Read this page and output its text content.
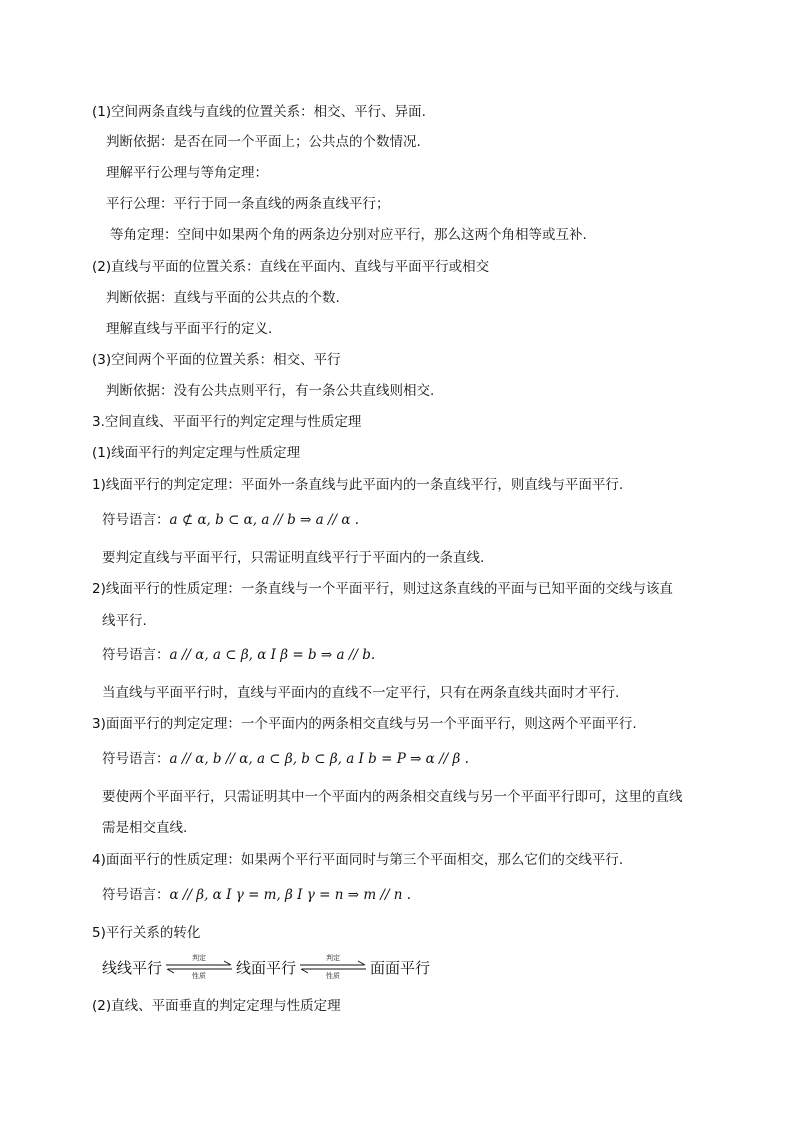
(1)空间两条直线与直线的位置关系：相交、平行、异面.
判断依据：是否在同一个平面上；公共点的个数情况.
理解平行公理与等角定理：
平行公理：平行于同一条直线的两条直线平行；
等角定理：空间中如果两个角的两条边分别对应平行，那么这两个角相等或互补.
(2)直线与平面的位置关系：直线在平面内、直线与平面平行或相交
判断依据：直线与平面的公共点的个数.
理解直线与平面平行的定义.
(3)空间两个平面的位置关系：相交、平行
判断依据：没有公共点则平行，有一条公共直线则相交.
3.空间直线、平面平行的判定定理与性质定理
(1)线面平行的判定定理与性质定理
1)线面平行的判定定理：平面外一条直线与此平面内的一条直线平行，则直线与平面平行.
符号语言：a ⊄ α, b ⊂ α, a // b ⇒ a // α .
要判定直线与平面平行，只需证明直线平行于平面内的一条直线.
2)线面平行的性质定理：一条直线与一个平面平行，则过这条直线的平面与已知平面的交线与该直
线平行.
符号语言：a // α, a ⊂ β, α I β = b ⇒ a // b.
当直线与平面平行时，直线与平面内的直线不一定平行，只有在两条直线共面时才平行.
3)面面平行的判定定理：一个平面内的两条相交直线与另一个平面平行，则这两个平面平行.
符号语言：a // α, b // α, a ⊂ β, b ⊂ β, a I b = P ⇒ α // β .
要使两个平面平行，只需证明其中一个平面内的两条相交直线与另一个平面平行即可，这里的直线
需是相交直线.
4)面面平行的性质定理：如果两个平行平面同时与第三个平面相交，那么它们的交线平行.
符号语言：α // β, α I γ = m, β I γ = n ⇒ m // n .
5)平行关系的转化
线线平行
判定
性质	线面平行
判定
性质	面面平行
(2)直线、平面垂直的判定定理与性质定理
